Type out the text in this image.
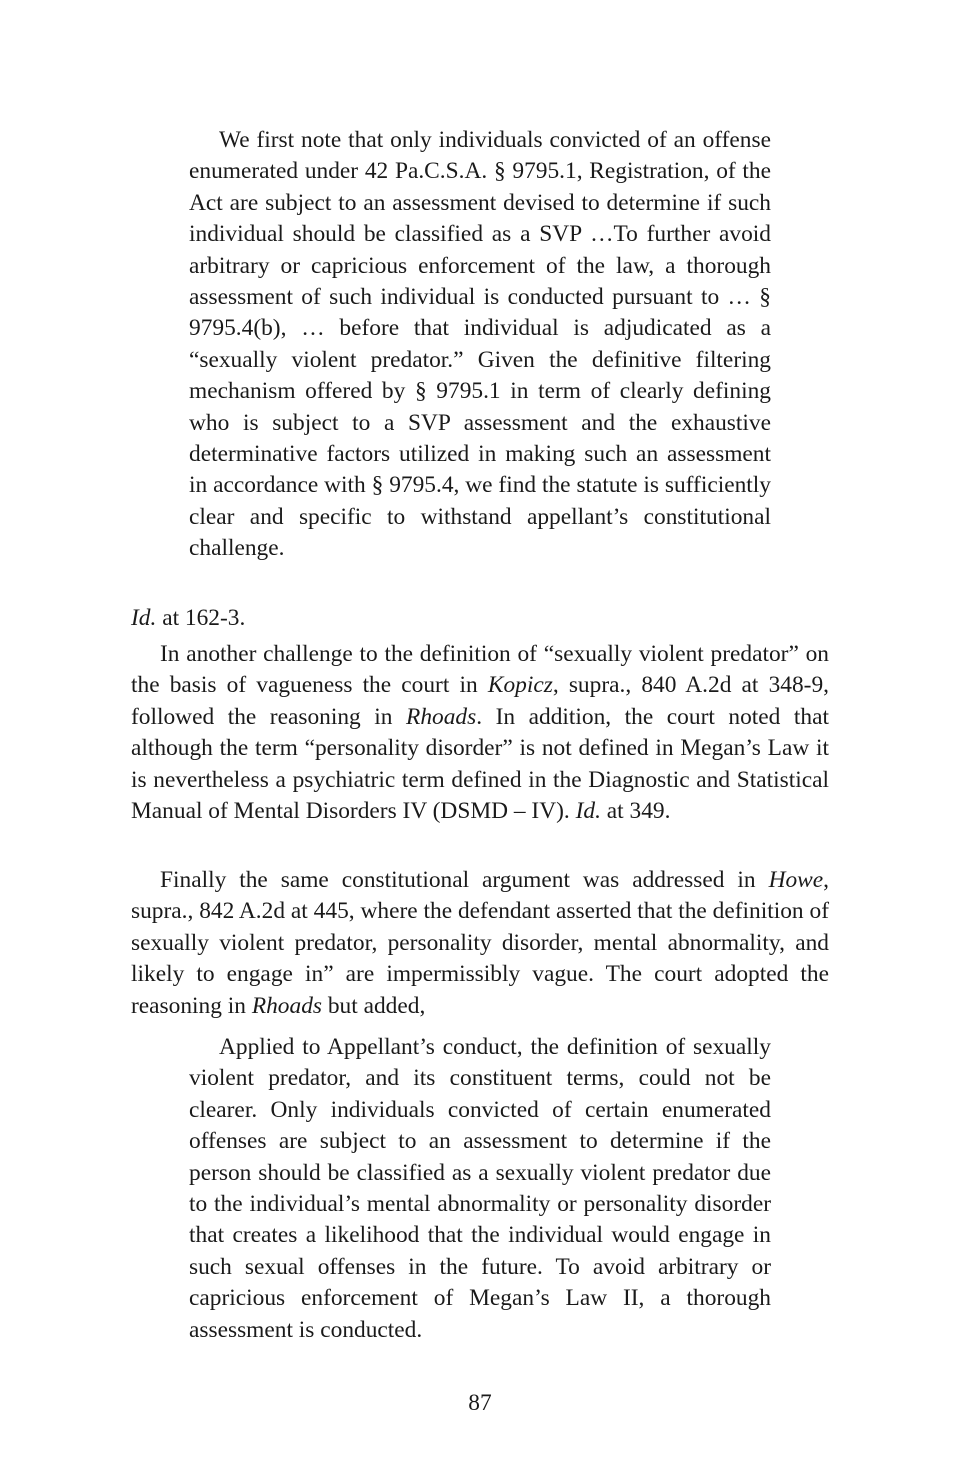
We first note that only individuals convicted of an offense enumerated under 42 Pa.C.S.A. § 9795.1, Registration, of the Act are subject to an assessment devised to determine if such individual should be classified as a SVP …To further avoid arbitrary or capricious enforcement of the law, a thorough assessment of such individual is conducted pursuant to … § 9795.4(b), … before that individual is adjudicated as a “sexually violent predator.” Given the definitive filtering mechanism offered by § 9795.1 in term of clearly defining who is subject to a SVP assessment and the exhaustive determinative factors utilized in making such an assessment in accordance with § 9795.4, we find the statute is sufficiently clear and specific to withstand appellant’s constitutional challenge.

Id. at 162-3.

In another challenge to the definition of “sexually violent predator” on the basis of vagueness the court in Kopicz, supra., 840 A.2d at 348-9, followed the reasoning in Rhoads. In addition, the court noted that although the term “personality disorder” is not defined in Megan’s Law it is nevertheless a psychiatric term defined in the Diagnostic and Statistical Manual of Mental Disorders IV (DSMD – IV). Id. at 349.

Finally the same constitutional argument was addressed in Howe, supra., 842 A.2d at 445, where the defendant asserted that the definition of sexually violent predator, personality disorder, mental abnormality, and likely to engage in” are impermissibly vague. The court adopted the reasoning in Rhoads but added,

Applied to Appellant’s conduct, the definition of sexually violent predator, and its constituent terms, could not be clearer. Only individuals convicted of certain enumerated offenses are subject to an assessment to determine if the person should be classified as a sexually violent predator due to the individual’s mental abnormality or personality disorder that creates a likelihood that the individual would engage in such sexual offenses in the future. To avoid arbitrary or capricious enforcement of Megan’s Law II, a thorough assessment is conducted.

87
